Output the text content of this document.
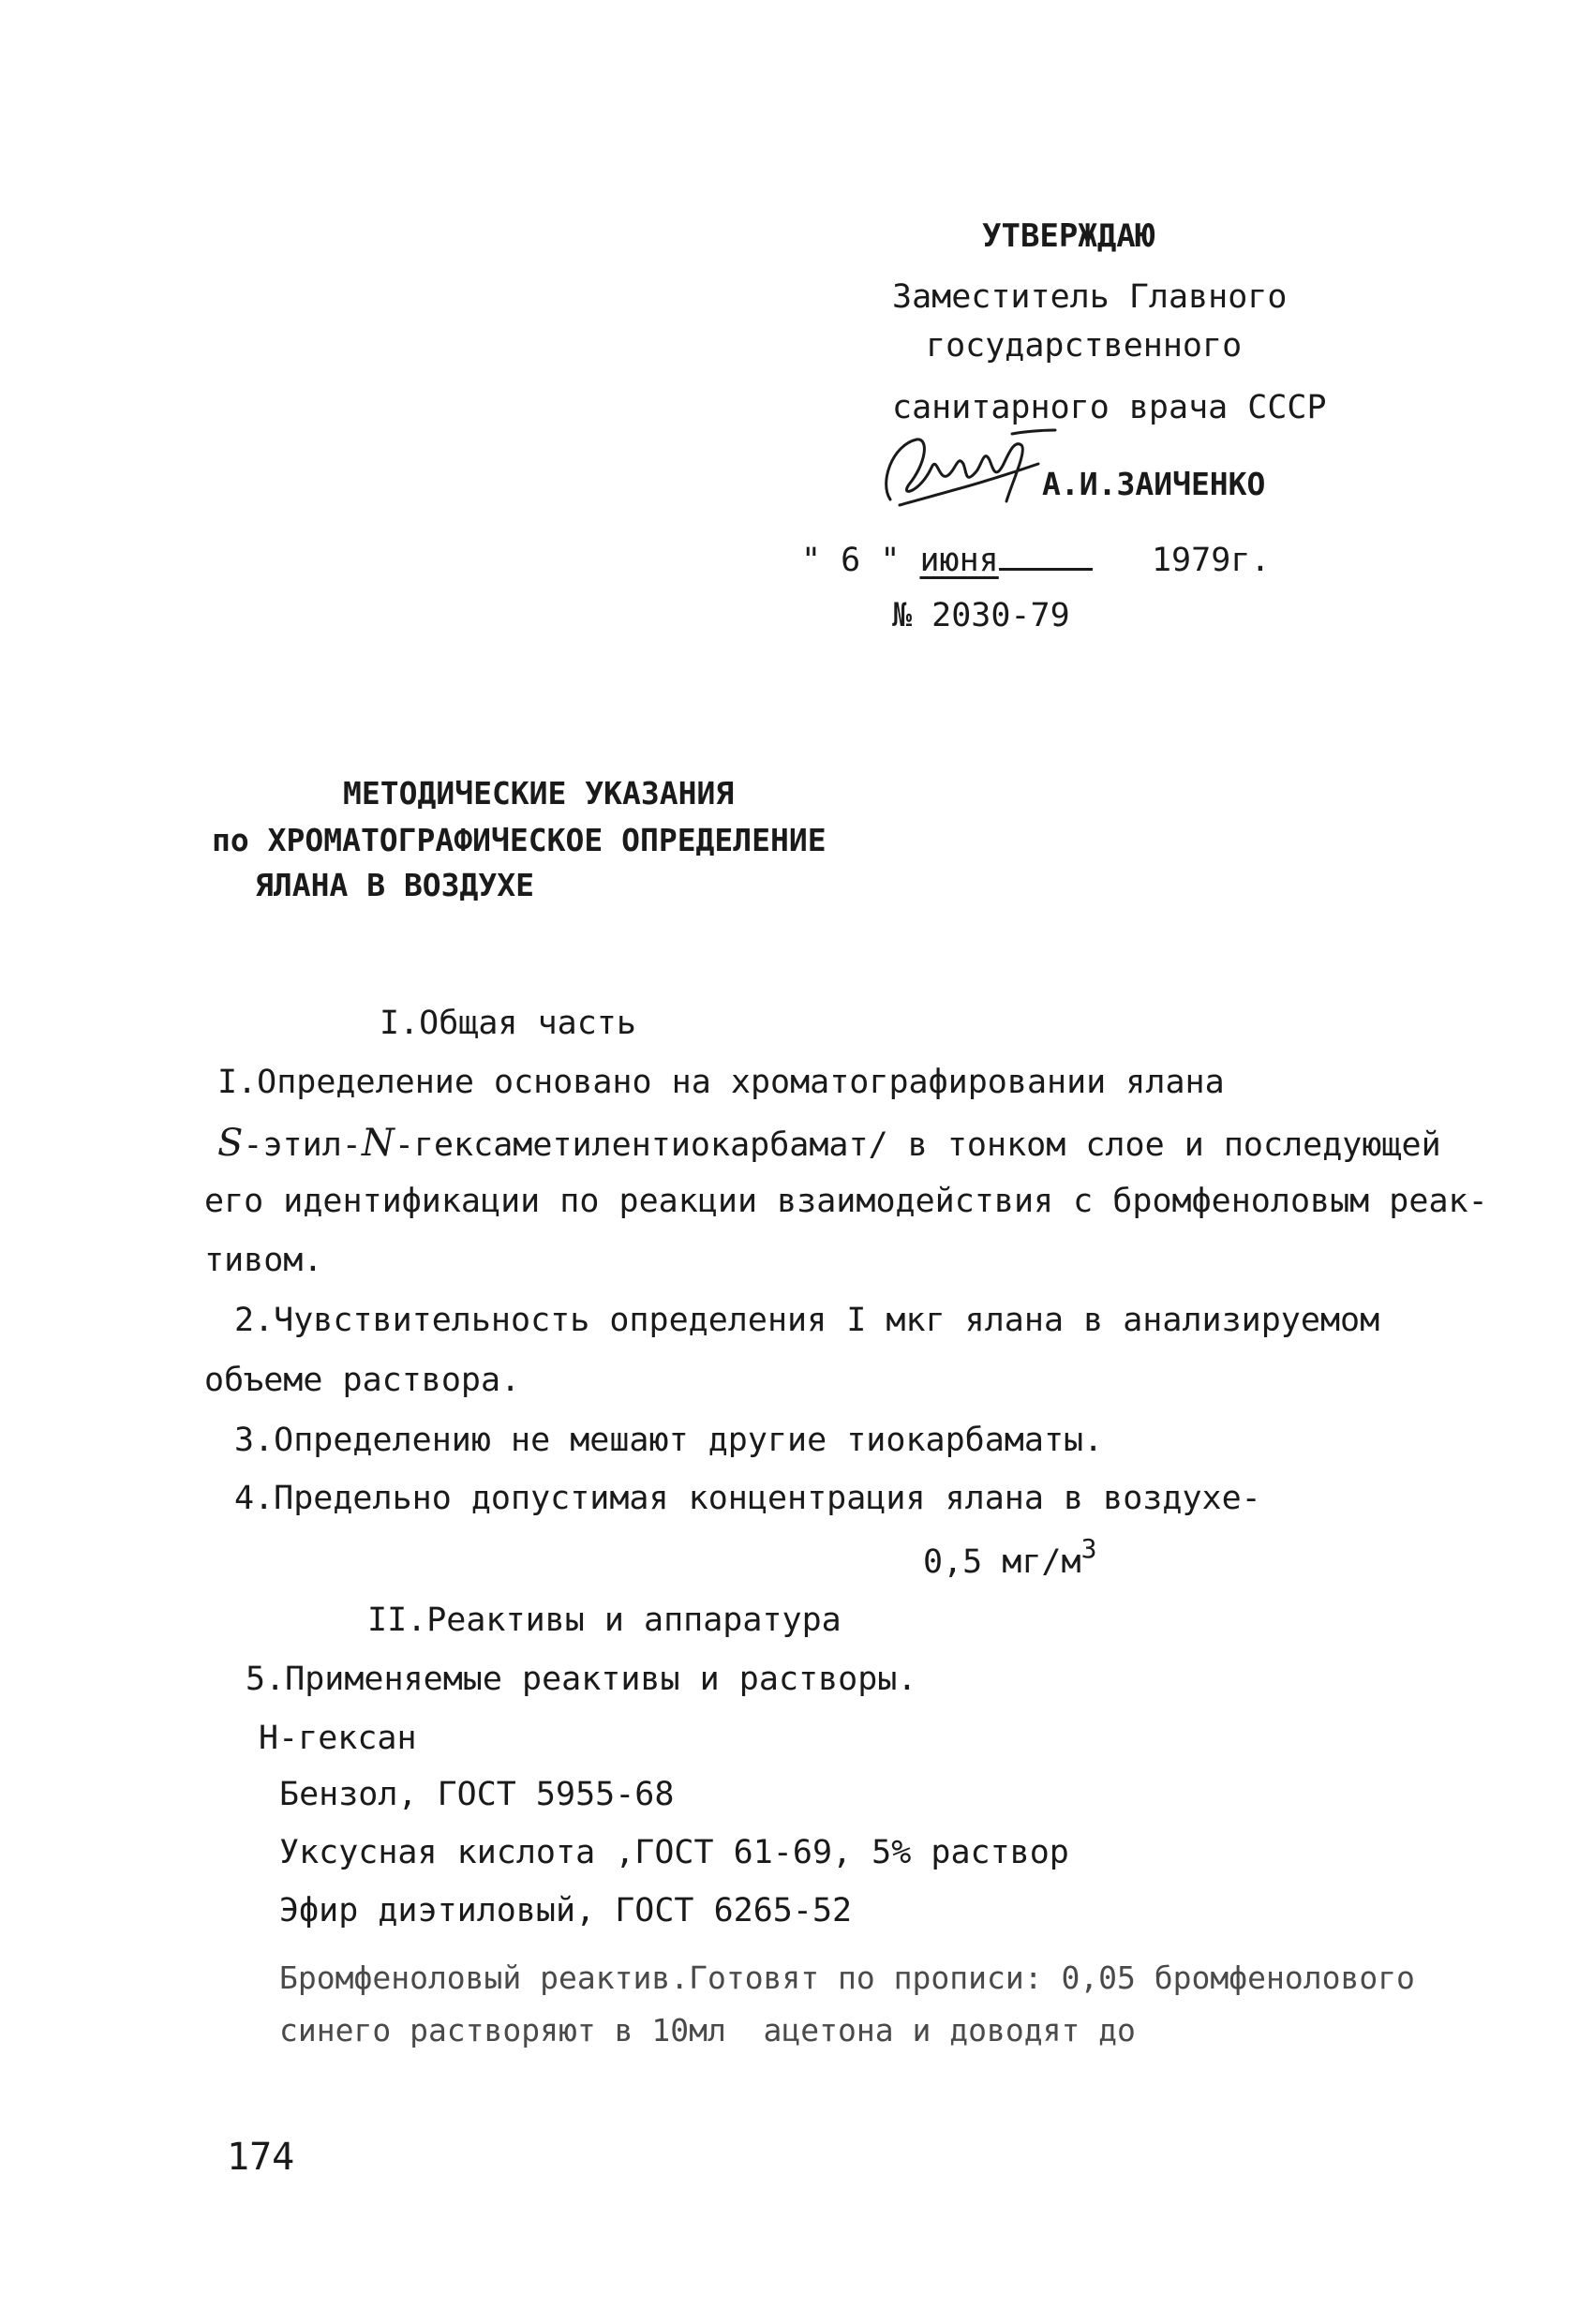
УТВЕРЖДАЮ
Заместитель Главного
государственного
санитарного врача СССР
А.И.ЗАИЧЕНКО
" 6 " июня	1979г.
№ 2030-79
МЕТОДИЧЕСКИЕ УКАЗАНИЯ
по ХРОМАТОГРАФИЧЕСКОЕ ОПРЕДЕЛЕНИЕ
ЯЛАНА В ВОЗДУХЕ
I.Общая часть
I.Определение основано на хроматографировании ялана
S-этил-N-гексаметилентиокарбамат/ в тонком слое и последующей
его идентификации по реакции взаимодействия с бромфеноловым реак-
тивом.
2.Чувствительность определения I мкг ялана в анализируемом
объеме раствора.
3.Определению не мешают другие тиокарбаматы.
4.Предельно допустимая концентрация ялана в воздухе-
0,5 $мг/м^3$
II.Реактивы и аппаратура
5.Применяемые реактивы и растворы.
Н-гексан
Бензол, ГОСТ 5955-68
Уксусная кислота ,ГОСТ 61-69, 5% раствор
Эфир диэтиловый, ГОСТ 6265-52
Бромфеноловый реактив.Готовят по прописи: 0,05 бромфенолового
синего растворяют в 10мл  ацетона и доводят до
174
